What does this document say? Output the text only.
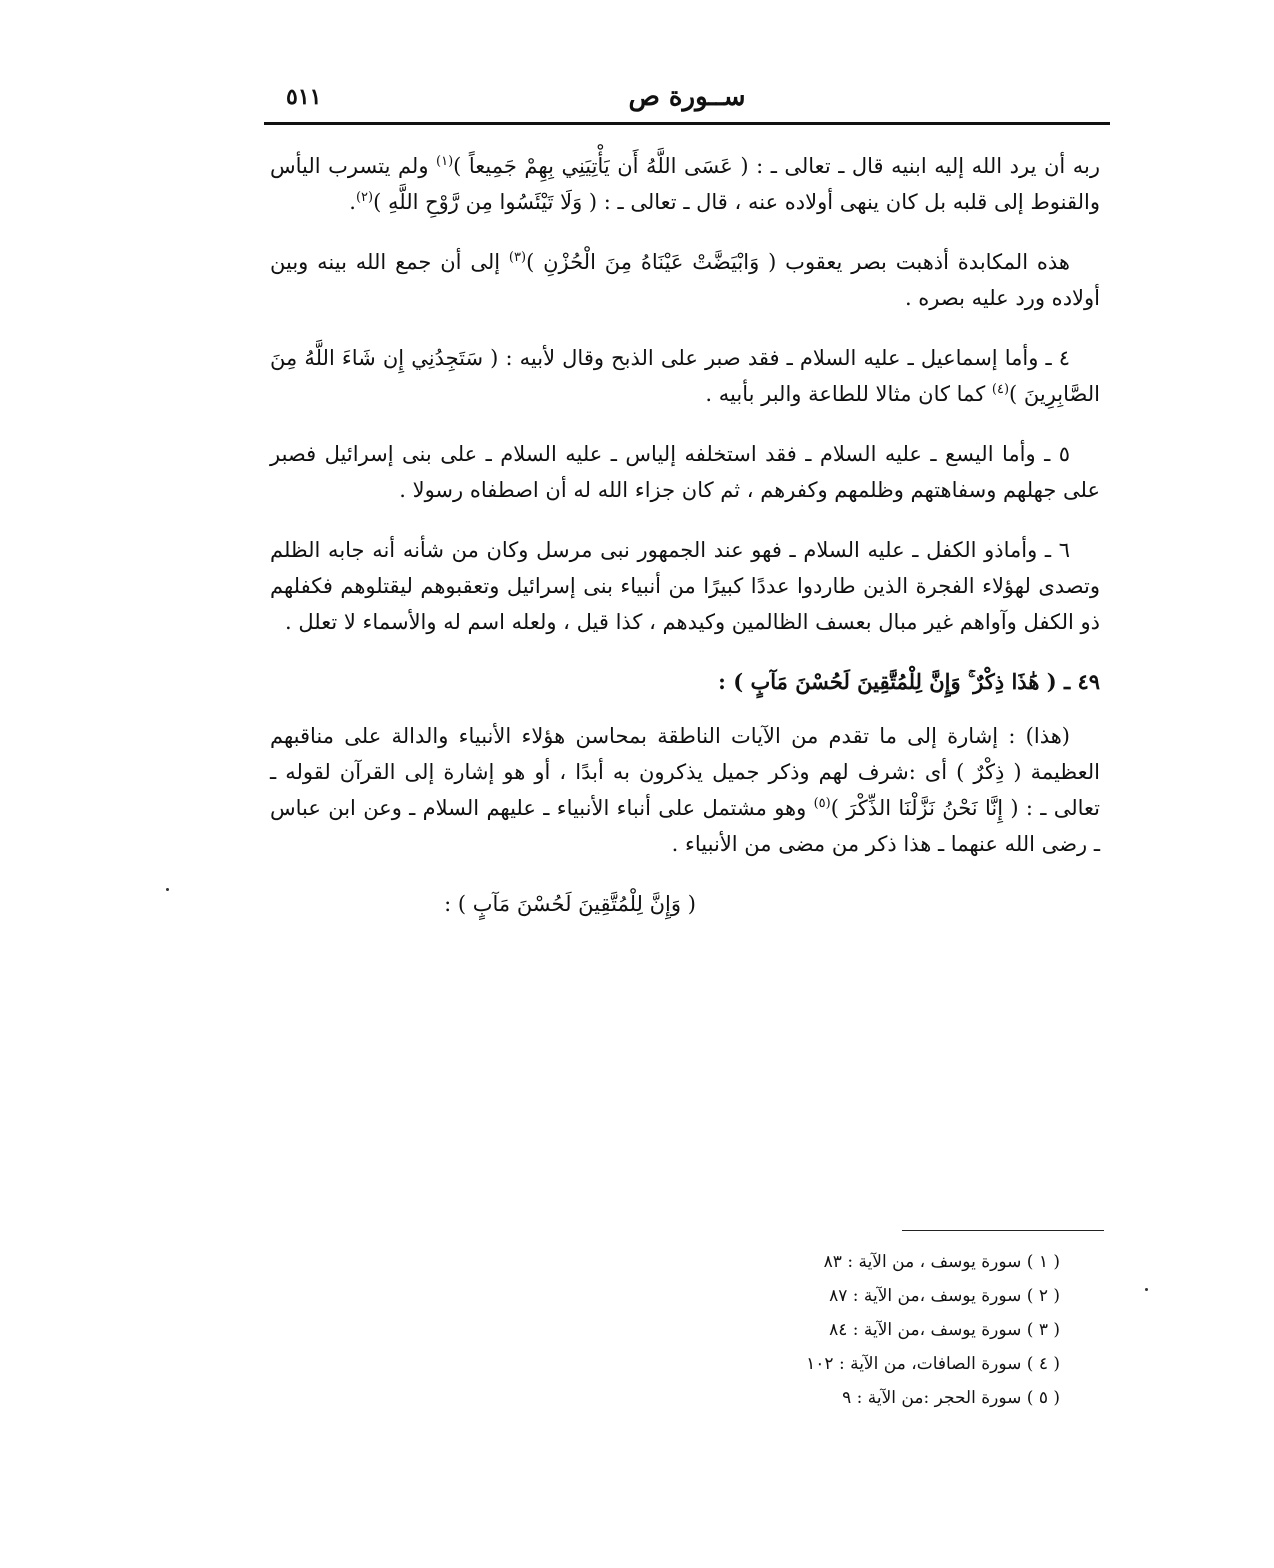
ســورة ص
٥١١

ربه أن يرد الله إليه ابنيه قال ـ تعالى ـ : ( عَسَى اللَّهُ أَن يَأْتِيَنِي بِهِمْ جَمِيعاً )$^{(١)}$ ولم يتسرب اليأس والقنوط إلى قلبه بل كان ينهى أولاده عنه ، قال ـ تعالى ـ : ( وَلَا تَيْئَسُوا مِن رَّوْحِ اللَّهِ )$^{(٢)}$.

هذه المكابدة أذهبت بصر يعقوب ( وَابْيَضَّتْ عَيْنَاهُ مِنَ الْحُزْنِ )$^{(٣)}$ إلى أن جمع الله بينه وبين أولاده ورد عليه بصره .

٤ ـ وأما إسماعيل ـ عليه السلام ـ فقد صبر على الذبح وقال لأبيه : ( سَتَجِدُنِي إِن شَاءَ اللَّهُ مِنَ الصَّابِرِينَ )$^{(٤)}$ كما كان مثالا للطاعة والبر بأبيه .

٥ ـ وأما اليسع ـ عليه السلام ـ فقد استخلفه إلياس ـ عليه السلام ـ على بنى إسرائيل فصبر على جهلهم وسفاهتهم وظلمهم وكفرهم ، ثم كان جزاء الله له أن اصطفاه رسولا .

٦ ـ وأماذو الكفل ـ عليه السلام ـ فهو عند الجمهور نبى مرسل وكان من شأنه أنه جابه الظلم وتصدى لهؤلاء الفجرة الذين طاردوا عددًا كبيرًا من أنبياء بنى إسرائيل وتعقبوهم ليقتلوهم فكفلهم ذو الكفل وآواهم غير مبال بعسف الظالمين وكيدهم ، كذا قيل ، ولعله اسم له والأسماء لا تعلل .

٤٩ ـ ( هَٰذَا ذِكْرٌ ۚ وَإِنَّ لِلْمُتَّقِينَ لَحُسْنَ مَآبٍ ) :

(هذا) : إشارة إلى ما تقدم من الآيات الناطقة بمحاسن هؤلاء الأنبياء والدالة على مناقبهم العظيمة ( ذِكْرٌ ) أى :شرف لهم وذكر جميل يذكرون به أبدًا ، أو هو إشارة إلى القرآن لقوله ـ تعالى ـ : ( إِنَّا نَحْنُ نَزَّلْنَا الذِّكْرَ )$^{(٥)}$ وهو مشتمل على أنباء الأنبياء ـ عليهم السلام ـ وعن ابن عباس ـ رضى الله عنهما ـ هذا ذكر من مضى من الأنبياء .

( وَإِنَّ لِلْمُتَّقِينَ لَحُسْنَ مَآبٍ ) :

( ١ ) سورة يوسف ، من الآية : ٨٣
( ٢ ) سورة يوسف ،من الآية : ٨٧
( ٣ ) سورة يوسف ،من الآية : ٨٤
( ٤ ) سورة الصافات، من الآية : ١٠٢
( ٥ ) سورة الحجر :من الآية : ٩
